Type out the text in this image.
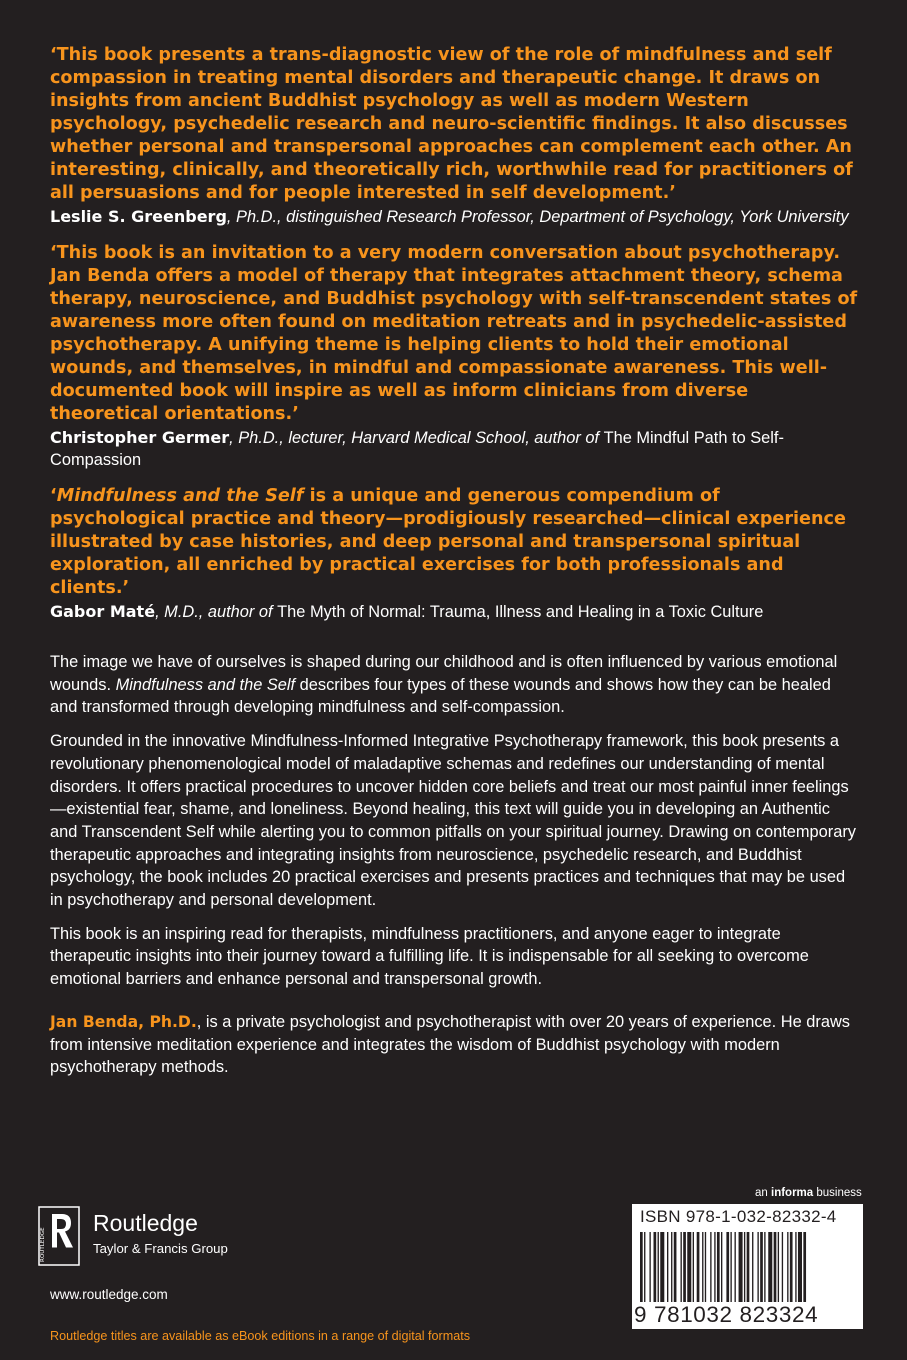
‘This book presents a trans-diagnostic view of the role of mindfulness and self compassion in treating mental disorders and therapeutic change. It draws on insights from ancient Buddhist psychology as well as modern Western psychology, psychedelic research and neuro-scientific findings. It also discusses whether personal and transpersonal approaches can complement each other. An interesting, clinically, and theoretically rich, worthwhile read for practitioners of all persuasions and for people interested in self development.’

Leslie S. Greenberg, Ph.D., distinguished Research Professor, Department of Psychology, York University

‘This book is an invitation to a very modern conversation about psychotherapy. Jan Benda offers a model of therapy that integrates attachment theory, schema therapy, neuroscience, and Buddhist psychology with self-transcendent states of awareness more often found on meditation retreats and in psychedelic-assisted psychotherapy. A unifying theme is helping clients to hold their emotional wounds, and themselves, in mindful and compassionate awareness. This well-documented book will inspire as well as inform clinicians from diverse theoretical orientations.’

Christopher Germer, Ph.D., lecturer, Harvard Medical School, author of The Mindful Path to Self-Compassion

‘Mindfulness and the Self is a unique and generous compendium of psychological practice and theory—prodigiously researched—clinical experience illustrated by case histories, and deep personal and transpersonal spiritual exploration, all enriched by practical exercises for both professionals and clients.’

Gabor Maté, M.D., author of The Myth of Normal: Trauma, Illness and Healing in a Toxic Culture

The image we have of ourselves is shaped during our childhood and is often influenced by various emotional wounds. Mindfulness and the Self describes four types of these wounds and shows how they can be healed and transformed through developing mindfulness and self-compassion.

Grounded in the innovative Mindfulness-Informed Integrative Psychotherapy framework, this book presents a revolutionary phenomenological model of maladaptive schemas and redefines our understanding of mental disorders. It offers practical procedures to uncover hidden core beliefs and treat our most painful inner feelings—existential fear, shame, and loneliness. Beyond healing, this text will guide you in developing an Authentic and Transcendent Self while alerting you to common pitfalls on your spiritual journey. Drawing on contemporary therapeutic approaches and integrating insights from neuroscience, psychedelic research, and Buddhist psychology, the book includes 20 practical exercises and presents practices and techniques that may be used in psychotherapy and personal development.

This book is an inspiring read for therapists, mindfulness practitioners, and anyone eager to integrate therapeutic insights into their journey toward a fulfilling life. It is indispensable for all seeking to overcome emotional barriers and enhance personal and transpersonal growth.

Jan Benda, Ph.D., is a private psychologist and psychotherapist with over 20 years of experience. He draws from intensive meditation experience and integrates the wisdom of Buddhist psychology with modern psychotherapy methods.

ROUTLEDGE
Routledge
Taylor & Francis Group
www.routledge.com
Routledge titles are available as eBook editions in a range of digital formats
an informa business
ISBN 978-1-032-82332-4
9 781032 823324
